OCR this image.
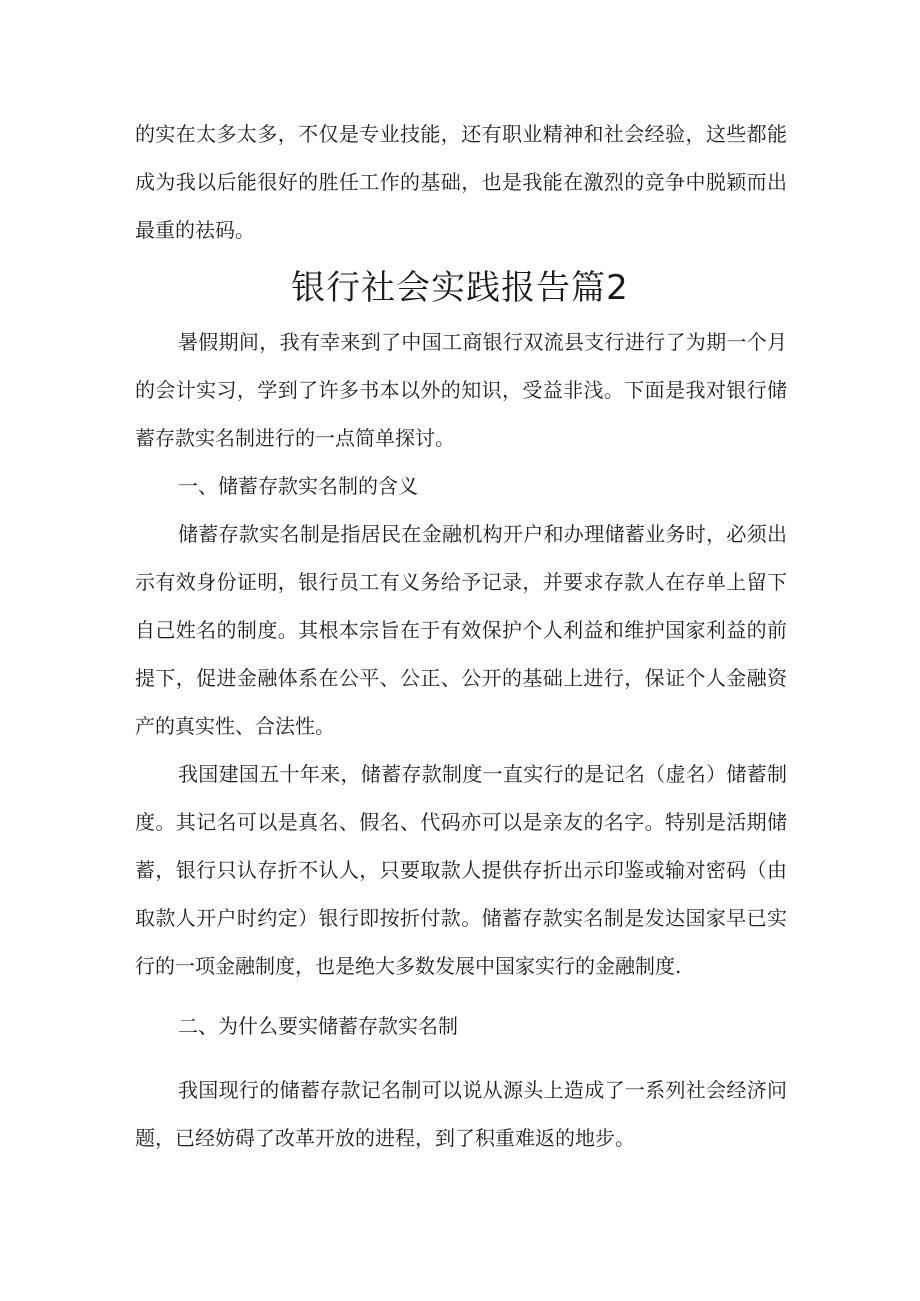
的实在太多太多，不仅是专业技能，还有职业精神和社会经验，这些都能
成为我以后能很好的胜任工作的基础，也是我能在激烈的竞争中脱颖而出
最重的祛码。
银行社会实践报告篇2
暑假期间，我有幸来到了中国工商银行双流县支行进行了为期一个月
的会计实习，学到了许多书本以外的知识，受益非浅。下面是我对银行储
蓄存款实名制进行的一点简单探讨。
一、储蓄存款实名制的含义
储蓄存款实名制是指居民在金融机构开户和办理储蓄业务时，必须出
示有效身份证明，银行员工有义务给予记录，并要求存款人在存单上留下
自己姓名的制度。其根本宗旨在于有效保护个人利益和维护国家利益的前
提下，促进金融体系在公平、公正、公开的基础上进行，保证个人金融资
产的真实性、合法性。
我国建国五十年来，储蓄存款制度一直实行的是记名（虚名）储蓄制
度。其记名可以是真名、假名、代码亦可以是亲友的名字。特别是活期储
蓄，银行只认存折不认人，只要取款人提供存折出示印鉴或输对密码（由
取款人开户时约定）银行即按折付款。储蓄存款实名制是发达国家早已实
行的一项金融制度，也是绝大多数发展中国家实行的金融制度.
二、为什么要实储蓄存款实名制
我国现行的储蓄存款记名制可以说从源头上造成了一系列社会经济问
题，已经妨碍了改革开放的进程，到了积重难返的地步。
